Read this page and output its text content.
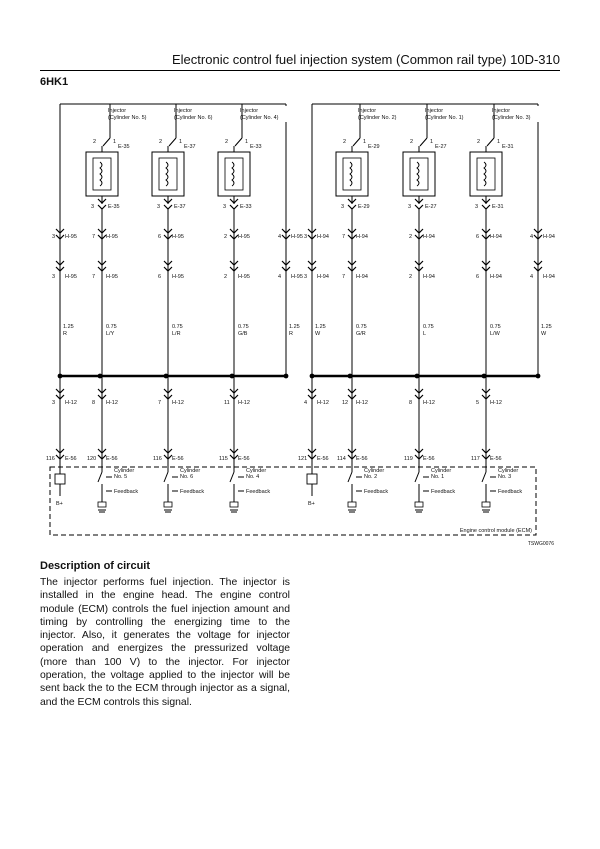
Electronic control fuel injection system (Common rail type) 10D-310
6HK1
Engine control module (ECM)
TSWG0076
Injector
(Cylinder No. 5)
2	1
E-35
3	E-35
7 H-95
7 H-95
0.75
L/Y
8 H-12
120 E-56
Cylinder
No. 5
Feedback
Injector
(Cylinder No. 6)
2	1
E-37
3	E-37
6 H-95
6 H-95
0.75
L/R
7 H-12
116 E-56
Cylinder
No. 6
Feedback
Injector
(Cylinder No. 4)
2	1
E-33
3	E-33
2 H-95
2 H-95
0.75
G/B
11 H-12
115 E-56
Cylinder
No. 4
Feedback
Injector
(Cylinder No. 2)
2	1
E-29
3	E-29
7 H-94
7 H-94
0.75
G/R
12 H-12
114 E-56
Cylinder
No. 2
Feedback
Injector
(Cylinder No. 1)
2	1
E-27
3	E-27
2 H-94
2 H-94
0.75
L
8 H-12
119 E-56
Cylinder
No. 1
Feedback
Injector
(Cylinder No. 3)
2	1
E-31
3	E-31
6 H-94
6 H-94
0.75
L/W
5 H-12
117 E-56
Cylinder
No. 3
Feedback
3 H-95
3 H-95
1.25
R
3 H-12
116 E-56
B+
4 H-95
4 H-95
1.25
R
3 H-94
3 H-94
1.25
W
4 H-12
121 E-56
B+
4 H-94
4 H-94
1.25
W
Description of circuit
The injector performs fuel injection. The injector is installed in the engine head. The engine control module (ECM) controls the fuel injection amount and timing by controlling the energizing time to the injector. Also, it generates the voltage for injector operation and energizes the pressurized voltage (more than 100 V) to the injector. For injector operation, the voltage applied to the injector will be sent back the to the ECM through injector as a signal, and the ECM controls this signal.
